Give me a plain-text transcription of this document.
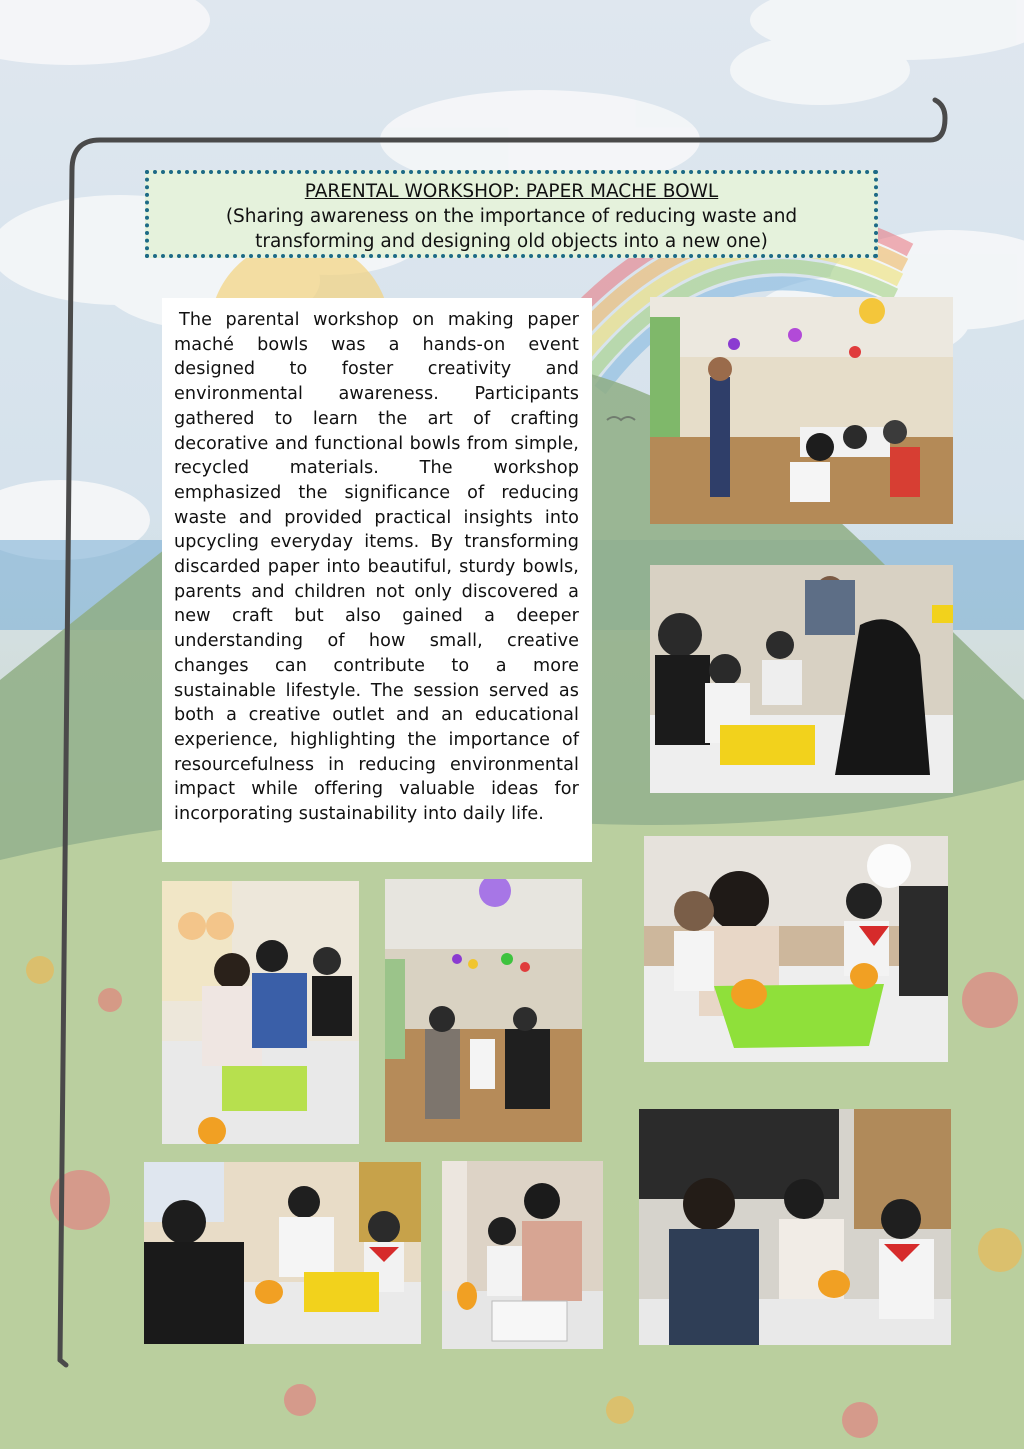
PARENTAL WORKSHOP: PAPER MACHE BOWL
(Sharing awareness on the importance of reducing waste and
transforming and designing old objects into a new one)

The parental workshop on making paper maché bowls was a hands-on event designed to foster creativity and environmental awareness. Participants gathered to learn the art of crafting decorative and functional bowls from simple, recycled materials. The workshop emphasized the significance of reducing waste and provided practical insights into upcycling everyday items. By transforming discarded paper into beautiful, sturdy bowls, parents and children not only discovered a new craft but also gained a deeper understanding of how small, creative changes can contribute to a more sustainable lifestyle. The session served as both a creative outlet and an educational experience, highlighting the importance of resourcefulness in reducing environmental impact while offering valuable ideas for incorporating sustainability into daily life.
